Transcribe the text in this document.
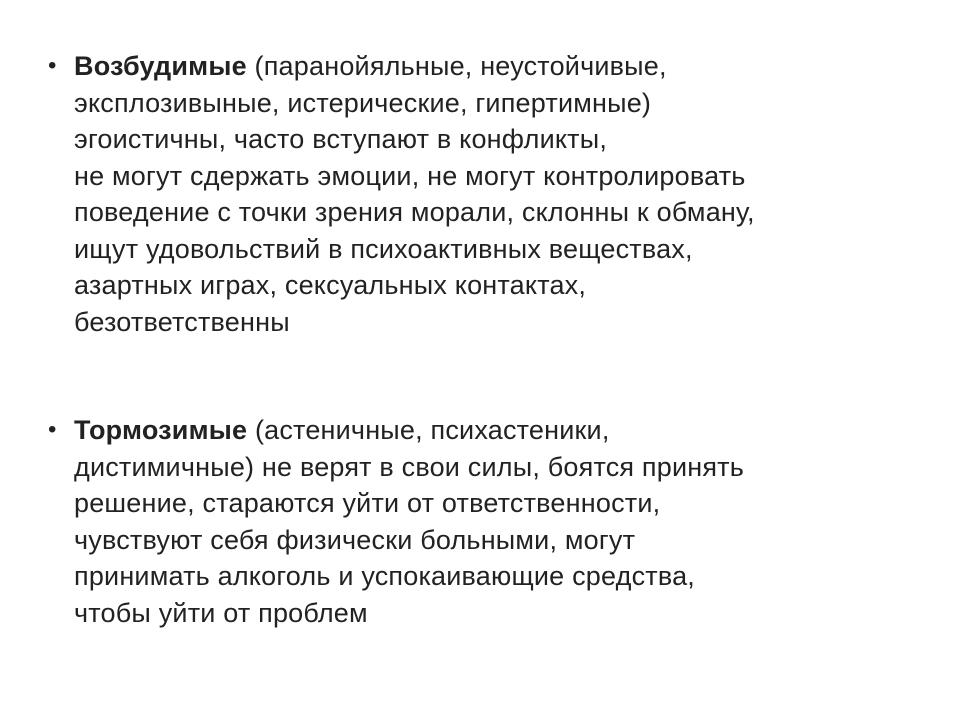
• Возбудимые (паранойяльные, неустойчивые,
эксплозивыные, истерические, гипертимные)
эгоистичны, часто вступают в конфликты,
не могут сдержать эмоции, не могут контролировать
поведение с точки зрения морали, склонны к обману,
ищут удовольствий в психоактивных веществах,
азартных играх, сексуальных контактах,
безответственны
• Тормозимые (астеничные, психастеники,
дистимичные) не верят в свои силы, боятся принять
решение, стараются уйти от ответственности,
чувствуют себя физически больными, могут
принимать алкоголь и успокаивающие средства,
чтобы уйти от проблем
